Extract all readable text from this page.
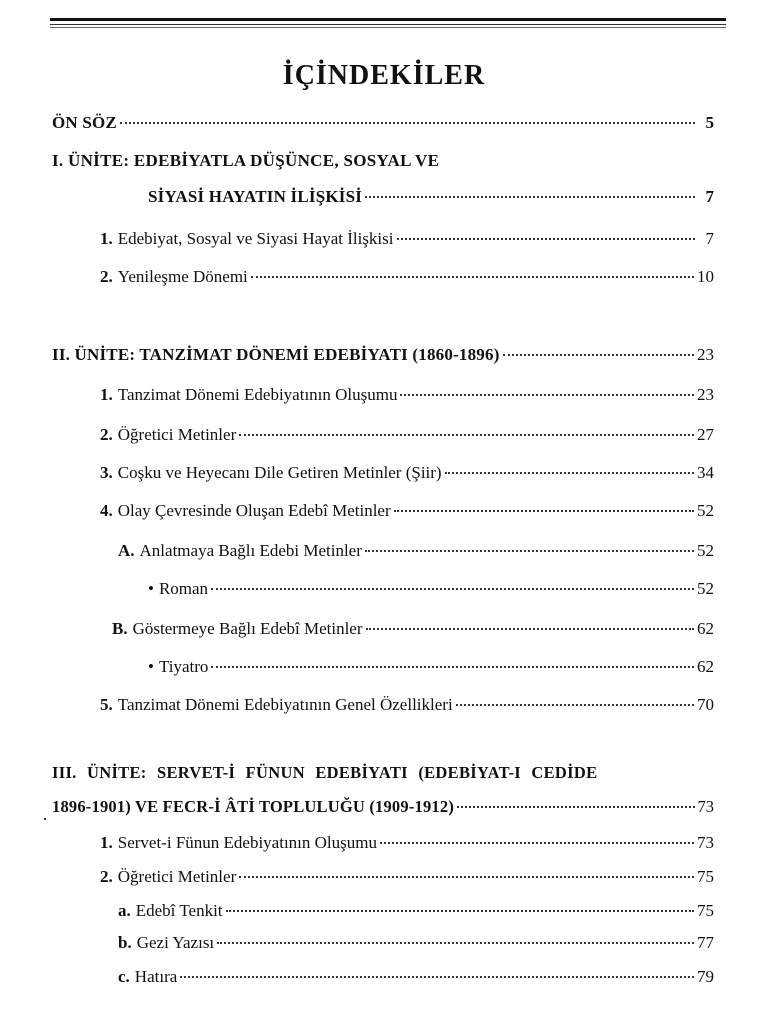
İÇİNDEKİLER
ÖN SÖZ	5
I. ÜNİTE: EDEBİYATLA DÜŞÜNCE, SOSYAL VE
SİYASİ HAYATIN İLİŞKİSİ	7
1. Edebiyat, Sosyal ve Siyasi Hayat İlişkisi	7
2. Yenileşme Dönemi	10
II. ÜNİTE: TANZİMAT DÖNEMİ EDEBİYATI (1860-1896)	23
1. Tanzimat Dönemi Edebiyatının Oluşumu	23
2. Öğretici Metinler	27
3. Coşku ve Heyecanı Dile Getiren Metinler (Şiir)	34
4. Olay Çevresinde Oluşan Edebî Metinler	52
A. Anlatmaya Bağlı Edebi Metinler	52
• Roman	52
B. Göstermeye Bağlı Edebî Metinler	62
• Tiyatro	62
5. Tanzimat Dönemi Edebiyatının Genel Özellikleri	70
III. ÜNİTE: SERVET-İ FÜNUN EDEBİYATI (EDEBİYAT-I CEDİDE
1896-1901) VE FECR-İ ÂTİ TOPLULUĞU (1909-1912)	73
1. Servet-i Fünun Edebiyatının Oluşumu	73
2. Öğretici Metinler	75
a. Edebî Tenkit	75
b. Gezi Yazısı	77
c. Hatıra	79
